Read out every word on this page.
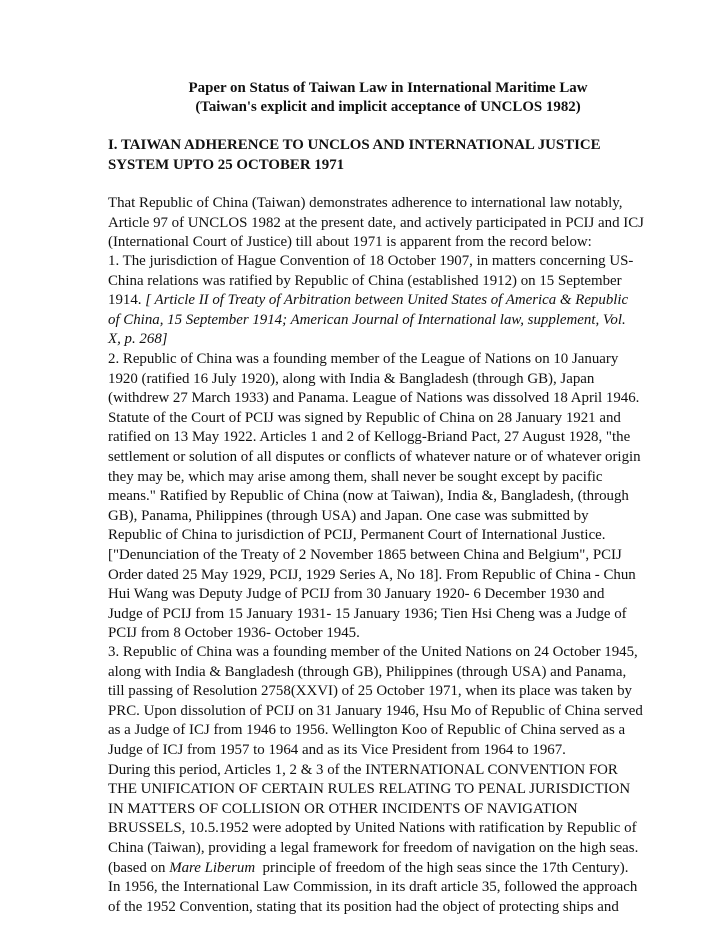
Paper on Status of Taiwan Law in International Maritime Law
(Taiwan's explicit and implicit acceptance of UNCLOS 1982)
I. TAIWAN ADHERENCE TO UNCLOS AND INTERNATIONAL JUSTICE
SYSTEM UPTO 25 OCTOBER 1971
That Republic of China (Taiwan) demonstrates adherence to international law notably,
Article 97 of UNCLOS 1982 at the present date, and actively participated in PCIJ and ICJ
(International Court of Justice) till about 1971 is apparent from the record below:
1. The jurisdiction of Hague Convention of 18 October 1907, in matters concerning US-
China relations was ratified by Republic of China (established 1912) on 15 September
1914. [ Article II of Treaty of Arbitration between United States of America & Republic
of China, 15 September 1914; American Journal of International law, supplement, Vol.
X, p. 268]
2. Republic of China was a founding member of the League of Nations on 10 January
1920 (ratified 16 July 1920), along with India & Bangladesh (through GB), Japan
(withdrew 27 March 1933) and Panama. League of Nations was dissolved 18 April 1946.
Statute of the Court of PCIJ was signed by Republic of China on 28 January 1921 and
ratified on 13 May 1922. Articles 1 and 2 of Kellogg-Briand Pact, 27 August 1928, "the
settlement or solution of all disputes or conflicts of whatever nature or of whatever origin
they may be, which may arise among them, shall never be sought except by pacific
means." Ratified by Republic of China (now at Taiwan), India &, Bangladesh, (through
GB), Panama, Philippines (through USA) and Japan. One case was submitted by
Republic of China to jurisdiction of PCIJ, Permanent Court of International Justice.
["Denunciation of the Treaty of 2 November 1865 between China and Belgium", PCIJ
Order dated 25 May 1929, PCIJ, 1929 Series A, No 18]. From Republic of China - Chun
Hui Wang was Deputy Judge of PCIJ from 30 January 1920- 6 December 1930 and
Judge of PCIJ from 15 January 1931- 15 January 1936; Tien Hsi Cheng was a Judge of
PCIJ from 8 October 1936- October 1945.
3. Republic of China was a founding member of the United Nations on 24 October 1945,
along with India & Bangladesh (through GB), Philippines (through USA) and Panama,
till passing of Resolution 2758(XXVI) of 25 October 1971, when its place was taken by
PRC. Upon dissolution of PCIJ on 31 January 1946, Hsu Mo of Republic of China served
as a Judge of ICJ from 1946 to 1956. Wellington Koo of Republic of China served as a
Judge of ICJ from 1957 to 1964 and as its Vice President from 1964 to 1967.
During this period, Articles 1, 2 & 3 of the INTERNATIONAL CONVENTION FOR
THE UNIFICATION OF CERTAIN RULES RELATING TO PENAL JURISDICTION
IN MATTERS OF COLLISION OR OTHER INCIDENTS OF NAVIGATION
BRUSSELS, 10.5.1952 were adopted by United Nations with ratification by Republic of
China (Taiwan), providing a legal framework for freedom of navigation on the high seas.
(based on Mare Liberum  principle of freedom of the high seas since the 17th Century).
In 1956, the International Law Commission, in its draft article 35, followed the approach
of the 1952 Convention, stating that its position had the object of protecting ships and
